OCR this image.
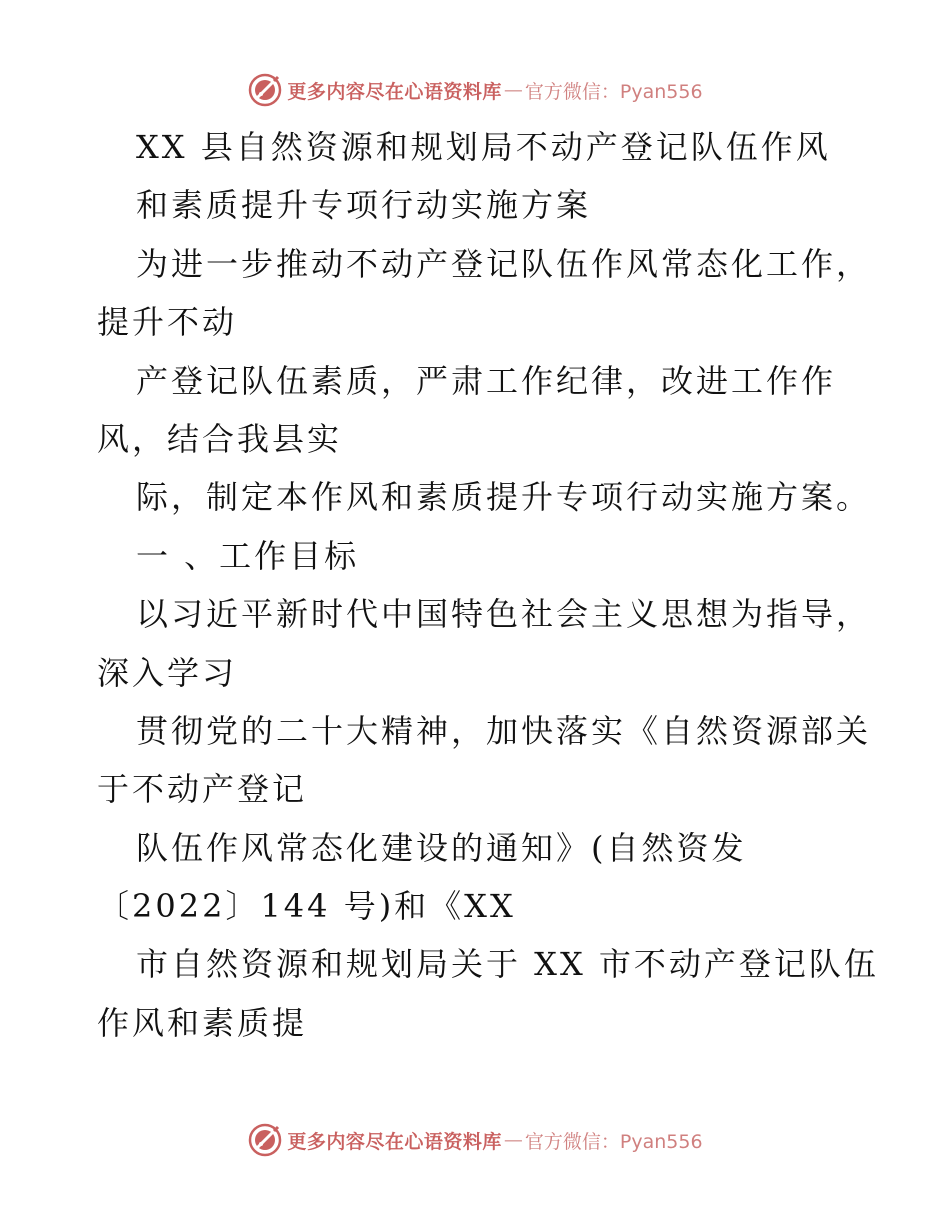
更多内容尽在心语资料库 — 官方微信：Pyan556
XX 县自然资源和规划局不动产登记队伍作风
和素质提升专项行动实施方案
为进一步推动不动产登记队伍作风常态化工作，
提升不动
产登记队伍素质，严肃工作纪律，改进工作作
风，结合我县实
际，制定本作风和素质提升专项行动实施方案。
一 、工作目标
以习近平新时代中国特色社会主义思想为指导，
深入学习
贯彻党的二十大精神，加快落实《自然资源部关
于不动产登记
队伍作风常态化建设的通知》(自然资发
〔2022〕144 号)和《XX
市自然资源和规划局关于 XX 市不动产登记队伍
作风和素质提
更多内容尽在心语资料库 — 官方微信：Pyan556
